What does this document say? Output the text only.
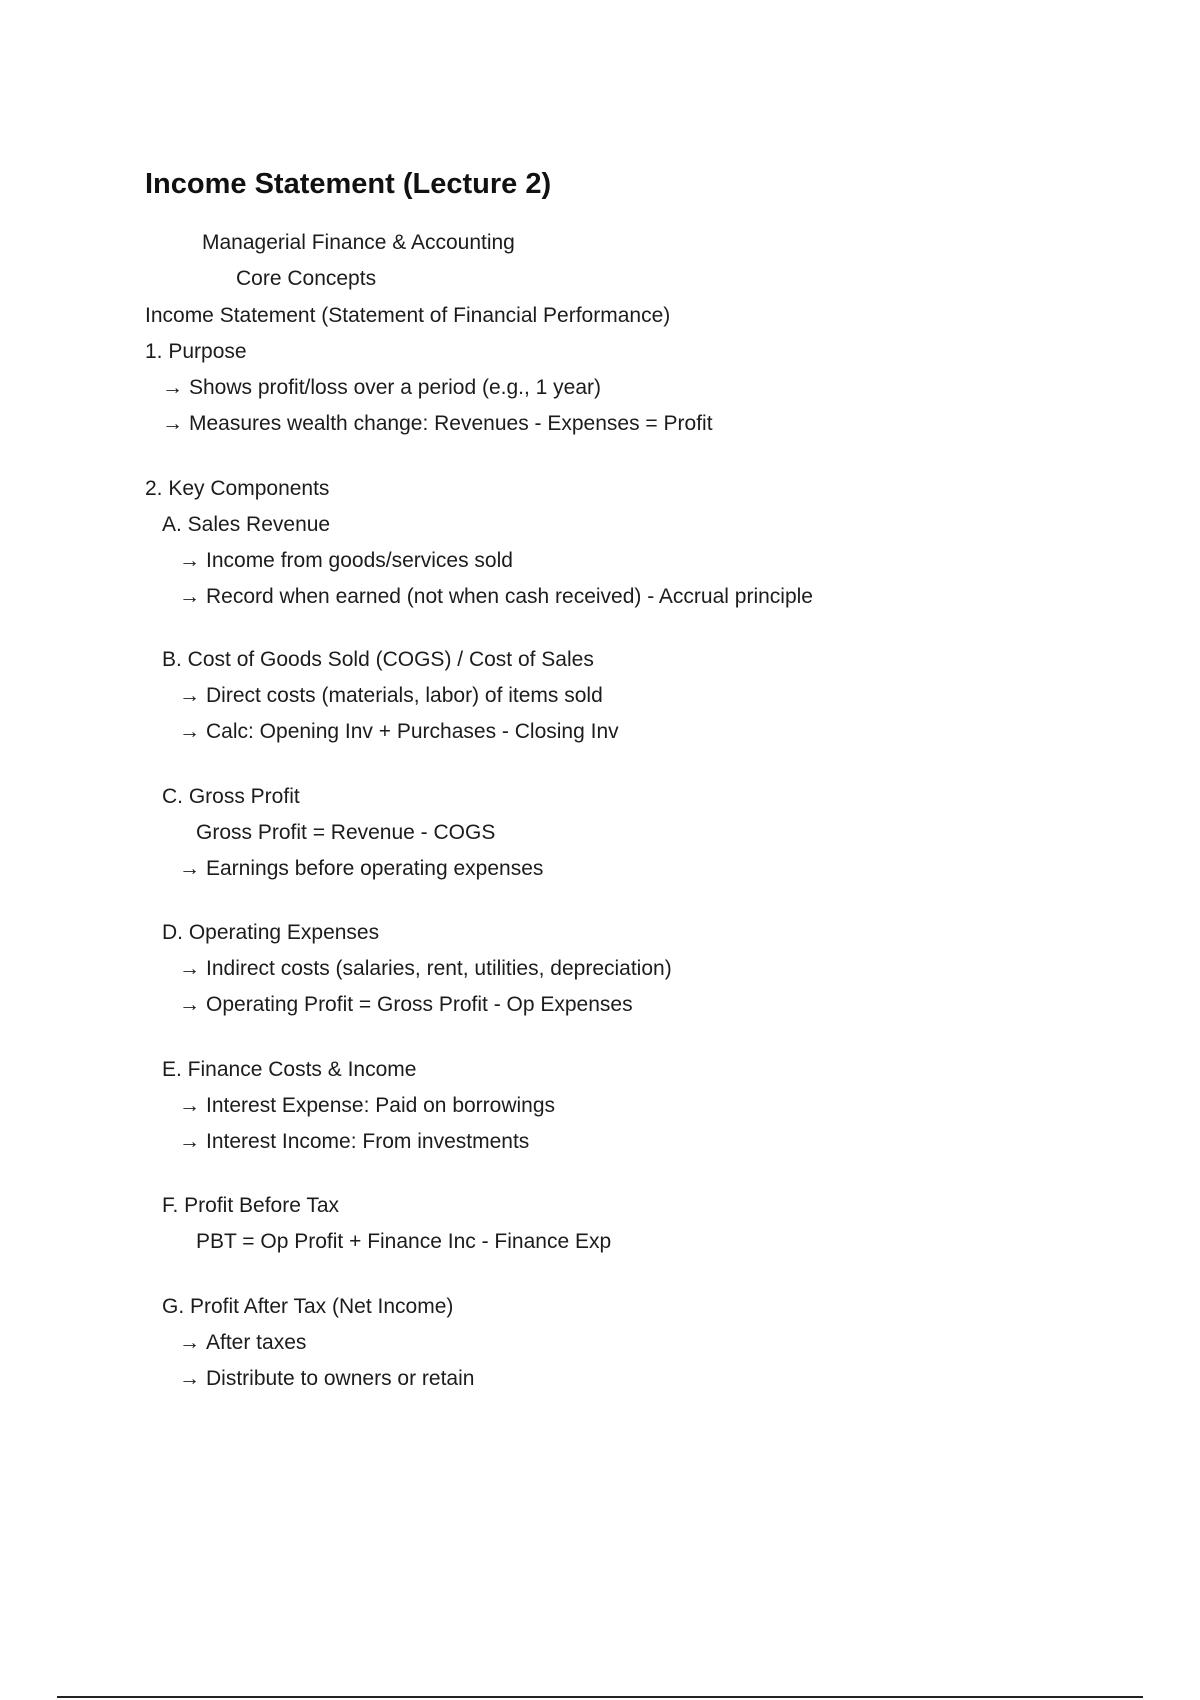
Income Statement (Lecture 2)
Managerial Finance & Accounting
Core Concepts
Income Statement (Statement of Financial Performance)
1. Purpose
→ Shows profit/loss over a period (e.g., 1 year)
→ Measures wealth change: Revenues - Expenses = Profit
2. Key Components
A. Sales Revenue
→ Income from goods/services sold
→ Record when earned (not when cash received) - Accrual principle
B. Cost of Goods Sold (COGS) / Cost of Sales
→ Direct costs (materials, labor) of items sold
→ Calc: Opening Inv + Purchases - Closing Inv
C. Gross Profit
Gross Profit = Revenue - COGS
→ Earnings before operating expenses
D. Operating Expenses
→ Indirect costs (salaries, rent, utilities, depreciation)
→ Operating Profit = Gross Profit - Op Expenses
E. Finance Costs & Income
→ Interest Expense: Paid on borrowings
→ Interest Income: From investments
F. Profit Before Tax
PBT = Op Profit + Finance Inc - Finance Exp
G. Profit After Tax (Net Income)
→ After taxes
→ Distribute to owners or retain
